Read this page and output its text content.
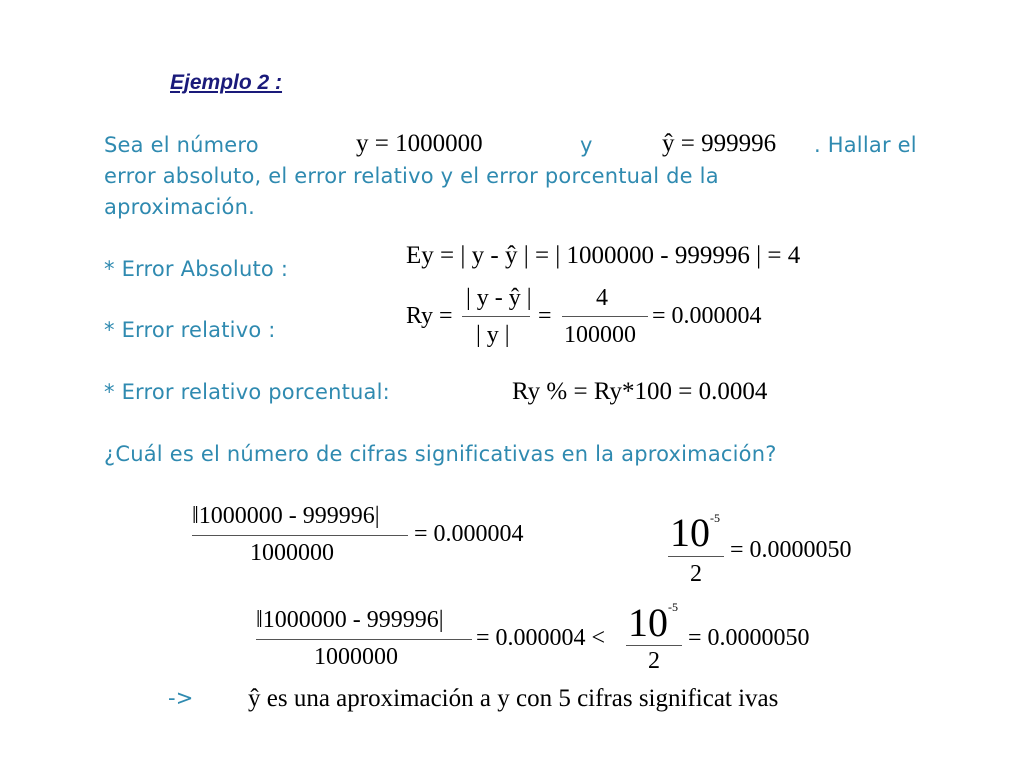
Ejemplo 2 :
Sea el número	y = 1000000	y	ŷ = 999996 . Hallar el
error absoluto, el error relativo y el error porcentual de la
aproximación.
* Error Absoluto :	Ey = | y - ŷ | = | 1000000 - 999996 | = 4
* Error relativo :
Ry =
| y - ŷ |
| y |
=
4
100000
= 0.000004
* Error relativo porcentual:	Ry % = Ry*100 = 0.0004
¿Cuál es el número de cifras significativas en la aproximación?
‖1000000 - 999996|
1000000
= 0.000004	10 -5
2
= 0.0000050
‖1000000 - 999996|
1000000
= 0.000004 < 10 -5
2
= 0.0000050
-> ŷ es una aproximación a y con 5 cifras significat ivas
